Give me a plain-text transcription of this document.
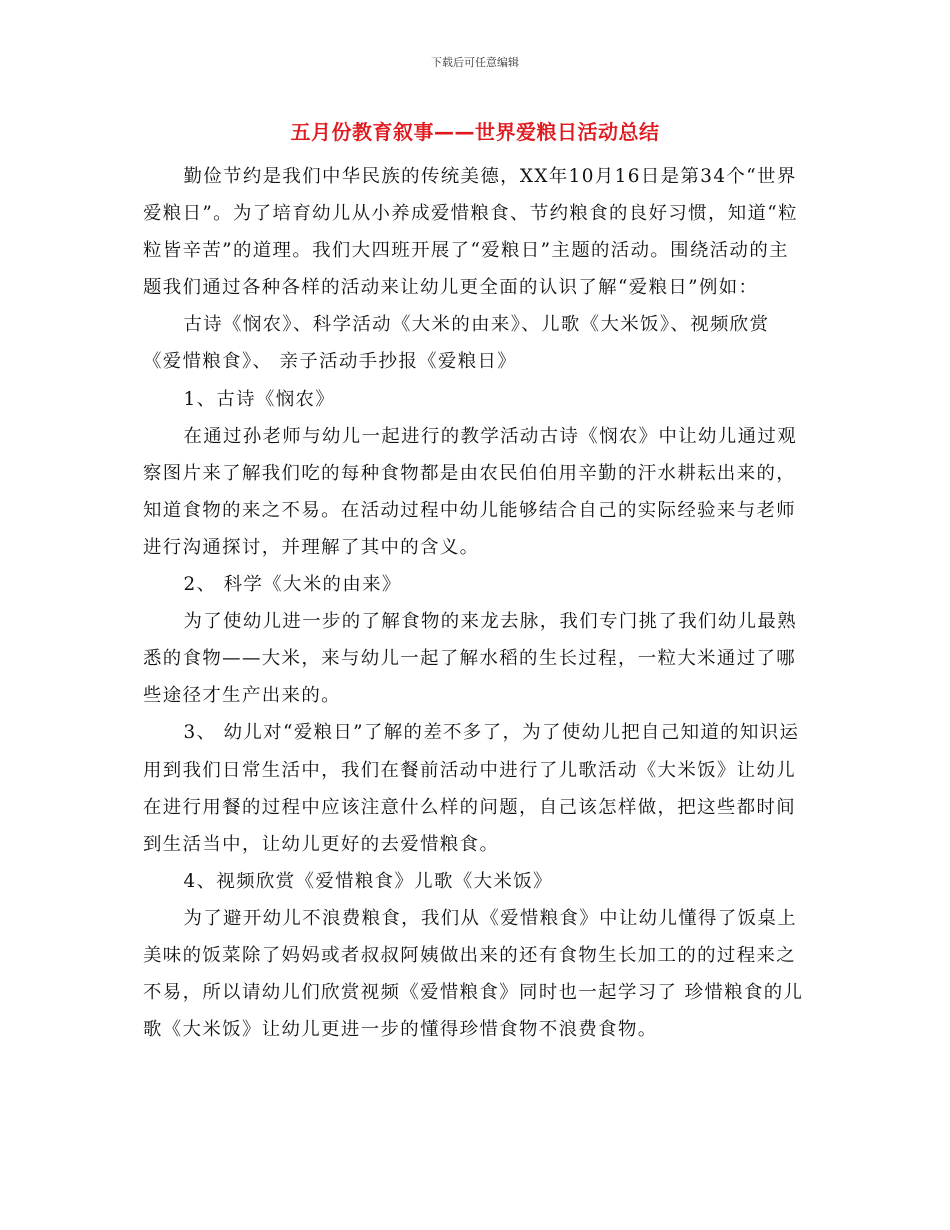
下载后可任意编辑
五月份教育叙事——世界爱粮日活动总结

勤俭节约是我们中华民族的传统美德，XX年10月16日是第34个“世界爱粮日”。为了培育幼儿从小养成爱惜粮食、节约粮食的良好习惯，知道“粒粒皆辛苦”的道理。我们大四班开展了“爱粮日”主题的活动。围绕活动的主题我们通过各种各样的活动来让幼儿更全面的认识了解“爱粮日”例如：

古诗《悯农》、科学活动《大米的由来》、儿歌《大米饭》、视频欣赏《爱惜粮食》、 亲子活动手抄报《爱粮日》

1、古诗《悯农》

在通过孙老师与幼儿一起进行的教学活动古诗《悯农》中让幼儿通过观察图片来了解我们吃的每种食物都是由农民伯伯用辛勤的汗水耕耘出来的，知道食物的来之不易。在活动过程中幼儿能够结合自己的实际经验来与老师进行沟通探讨，并理解了其中的含义。

2、 科学《大米的由来》

为了使幼儿进一步的了解食物的来龙去脉，我们专门挑了我们幼儿最熟悉的食物——大米，来与幼儿一起了解水稻的生长过程，一粒大米通过了哪些途径才生产出来的。

3、 幼儿对“爱粮日”了解的差不多了，为了使幼儿把自己知道的知识运用到我们日常生活中，我们在餐前活动中进行了儿歌活动《大米饭》让幼儿在进行用餐的过程中应该注意什么样的问题，自己该怎样做，把这些都时间到生活当中，让幼儿更好的去爱惜粮食。

4、视频欣赏《爱惜粮食》儿歌《大米饭》

为了避开幼儿不浪费粮食，我们从《爱惜粮食》中让幼儿懂得了饭桌上美味的饭菜除了妈妈或者叔叔阿姨做出来的还有食物生长加工的的过程来之不易，所以请幼儿们欣赏视频《爱惜粮食》同时也一起学习了 珍惜粮食的儿歌《大米饭》让幼儿更进一步的懂得珍惜食物不浪费食物。
